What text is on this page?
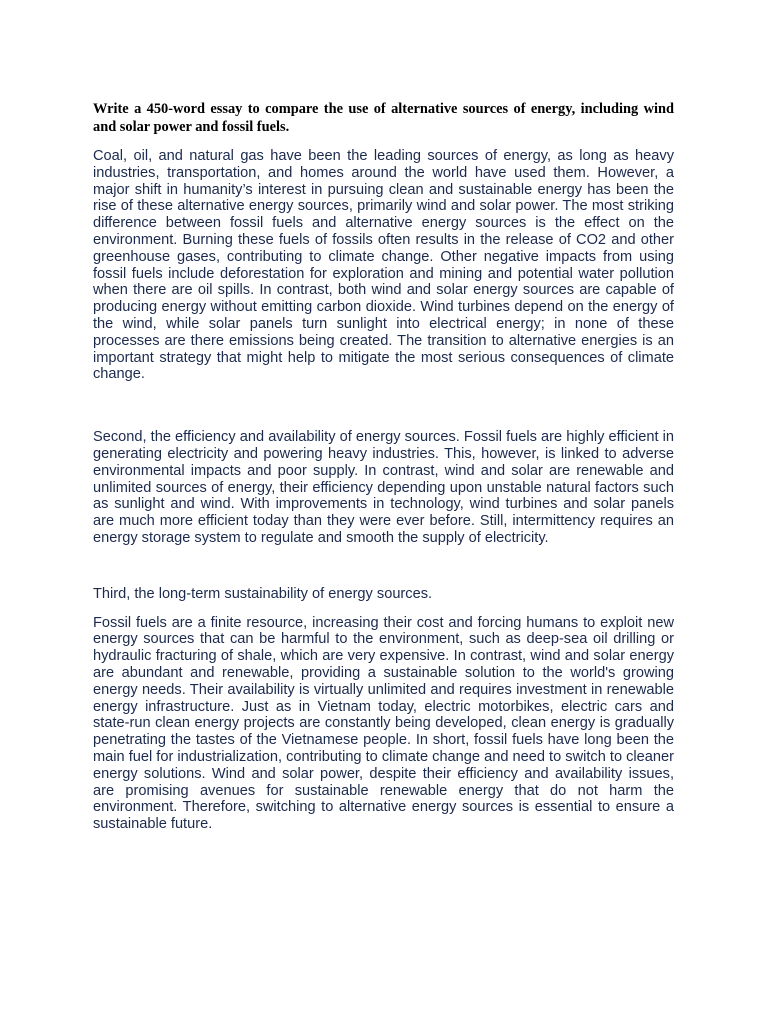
Write a 450-word essay to compare the use of alternative sources of energy, including wind and solar power and fossil fuels.

Coal, oil, and natural gas have been the leading sources of energy, as long as heavy industries, transportation, and homes around the world have used them. However, a major shift in humanity’s interest in pursuing clean and sustainable energy has been the rise of these alternative energy sources, primarily wind and solar power. The most striking difference between fossil fuels and alternative energy sources is the effect on the environment. Burning these fuels of fossils often results in the release of CO2 and other greenhouse gases, contributing to climate change. Other negative impacts from using fossil fuels include deforestation for exploration and mining and potential water pollution when there are oil spills. In contrast, both wind and solar energy sources are capable of producing energy without emitting carbon dioxide. Wind turbines depend on the energy of the wind, while solar panels turn sunlight into electrical energy; in none of these processes are there emissions being created. The transition to alternative energies is an important strategy that might help to mitigate the most serious consequences of climate change.

Second, the efficiency and availability of energy sources. Fossil fuels are highly efficient in generating electricity and powering heavy industries. This, however, is linked to adverse environmental impacts and poor supply. In contrast, wind and solar are renewable and unlimited sources of energy, their efficiency depending upon unstable natural factors such as sunlight and wind. With improvements in technology, wind turbines and solar panels are much more efficient today than they were ever before. Still, intermittency requires an energy storage system to regulate and smooth the supply of electricity.

Third, the long-term sustainability of energy sources.

Fossil fuels are a finite resource, increasing their cost and forcing humans to exploit new energy sources that can be harmful to the environment, such as deep-sea oil drilling or hydraulic fracturing of shale, which are very expensive. In contrast, wind and solar energy are abundant and renewable, providing a sustainable solution to the world's growing energy needs. Their availability is virtually unlimited and requires investment in renewable energy infrastructure. Just as in Vietnam today, electric motorbikes, electric cars and state-run clean energy projects are constantly being developed, clean energy is gradually penetrating the tastes of the Vietnamese people. In short, fossil fuels have long been the main fuel for industrialization, contributing to climate change and need to switch to cleaner energy solutions. Wind and solar power, despite their efficiency and availability issues, are promising avenues for sustainable renewable energy that do not harm the environment. Therefore, switching to alternative energy sources is essential to ensure a sustainable future.
